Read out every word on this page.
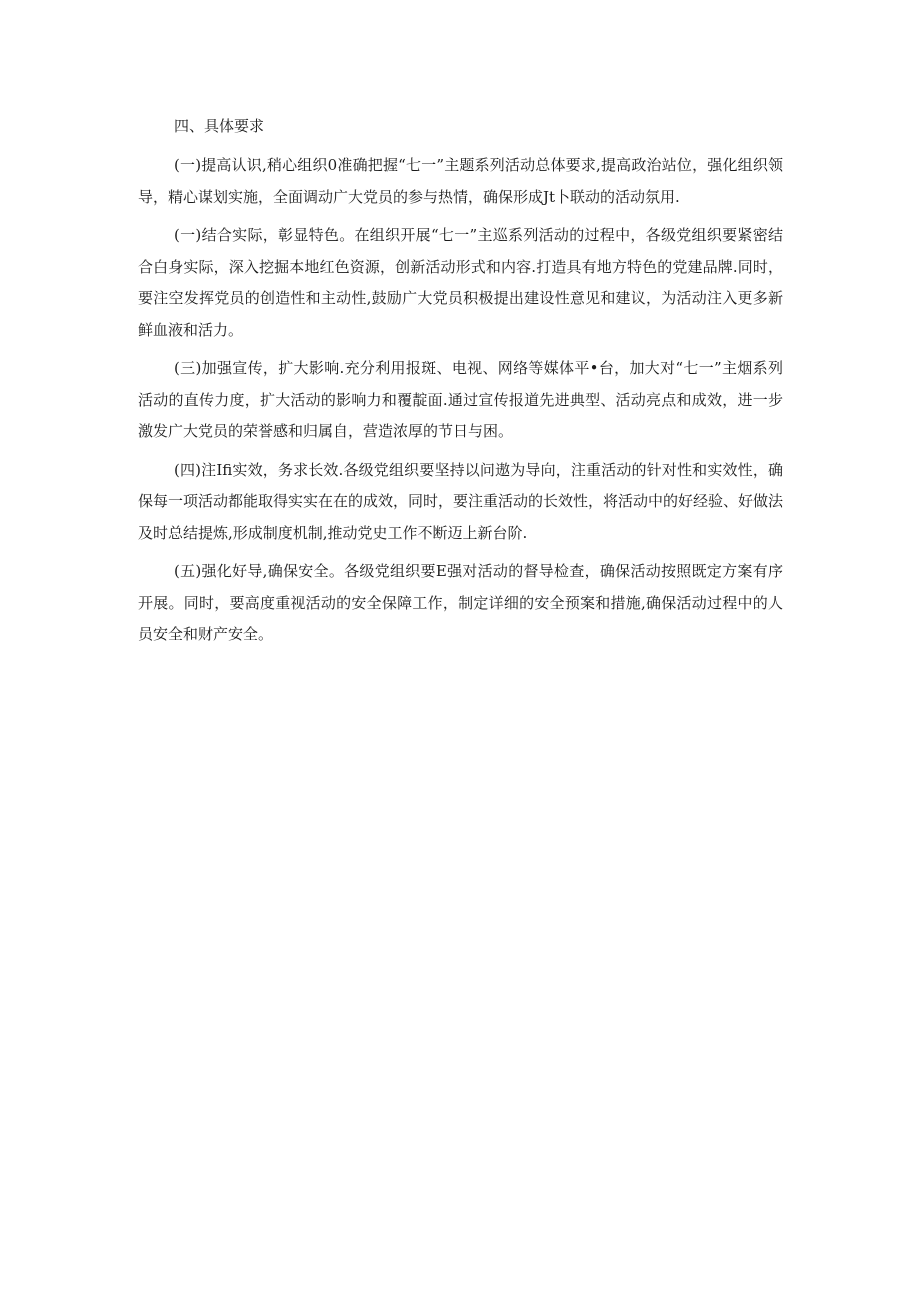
四、具体要求

(一)提高认识,稍心组织0准确把握“七一”主题系列活动总体要求,提高政治站位，强化组织领导，精心谋划实施，全面调动广大党员的参与热情，确保形成Jt卜联动的活动氛用.

(一)结合实际，彰显特色。在组织开展“七一”主巡系列活动的过程中，各级党组织要紧密结合白身实际，深入挖掘本地红色资源，创新活动形式和内容.打造具有地方特色的党建品牌.同时，要注空发挥党员的创造性和主动性,鼓励广大党员积极提出建设性意见和建议，为活动注入更多新鲜血液和活力。

(三)加强宣传，扩大影响.充分利用报斑、电视、网络等媒体平•台，加大对“七一”主烟系列活动的直传力度，扩大活动的影响力和覆靛面.通过宣传报道先进典型、活动亮点和成效，进一步激发广大党员的荣誉感和归属自，营造浓厚的节日与困。

(四)注Ifi实效，务求长效.各级党组织要坚持以问遨为导向，注重活动的针对性和实效性，确保每一项活动都能取得实实在在的成效，同时，要注重活动的长效性，将活动中的好经验、好做法及时总结提炼,形成制度机制,推动党史工作不断迈上新台阶.

(五)强化好导,确保安全。各级党组织要E强对活动的督导检查，确保活动按照既定方案有序开展。同时，要高度重视活动的安全保障工作，制定详细的安全预案和措施,确保活动过程中的人员安全和财产安全。
